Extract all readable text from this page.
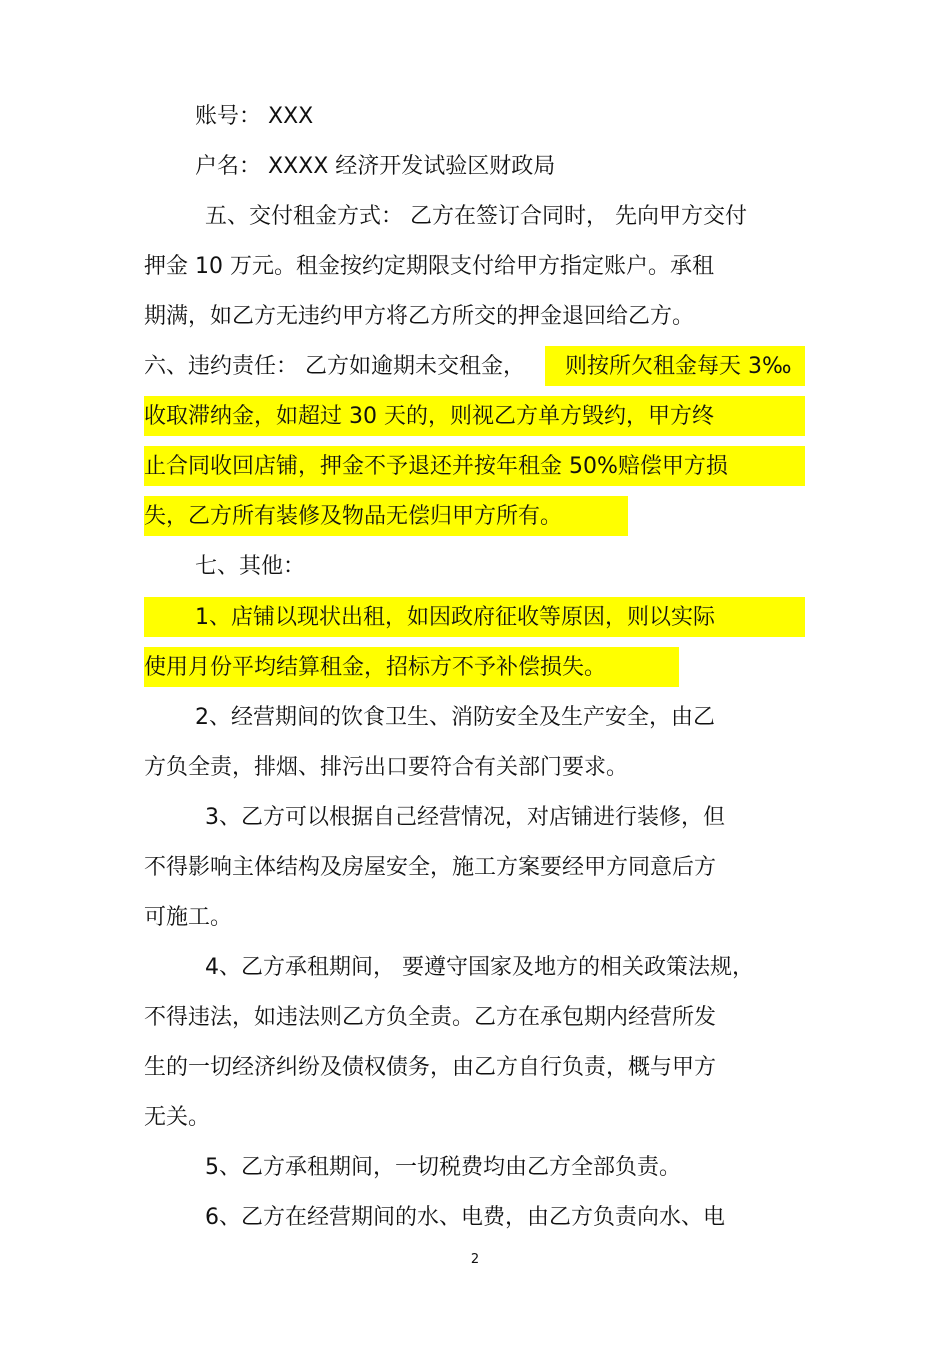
账号： XXX
户名： XXXX 经济开发试验区财政局
五、交付租金方式： 乙方在签订合同时， 先向甲方交付
押金 10 万元。租金按约定期限支付给甲方指定账户。承租
期满，如乙方无违约甲方将乙方所交的押金退回给乙方。
六、违约责任： 乙方如逾期未交租金， 则按所欠租金每天 3‰
收取滞纳金，如超过 30 天的，则视乙方单方毁约，甲方终
止合同收回店铺，押金不予退还并按年租金 50%赔偿甲方损
失，乙方所有装修及物品无偿归甲方所有。
七、其他：
1、店铺以现状出租，如因政府征收等原因，则以实际
使用月份平均结算租金，招标方不予补偿损失。
2、经营期间的饮食卫生、消防安全及生产安全，由乙
方负全责，排烟、排污出口要符合有关部门要求。
3、乙方可以根据自己经营情况，对店铺进行装修，但
不得影响主体结构及房屋安全，施工方案要经甲方同意后方
可施工。
4、乙方承租期间， 要遵守国家及地方的相关政策法规，
不得违法，如违法则乙方负全责。乙方在承包期内经营所发
生的一切经济纠纷及债权债务，由乙方自行负责，概与甲方
无关。
5、乙方承租期间，一切税费均由乙方全部负责。
6、乙方在经营期间的水、电费，由乙方负责向水、电
2
